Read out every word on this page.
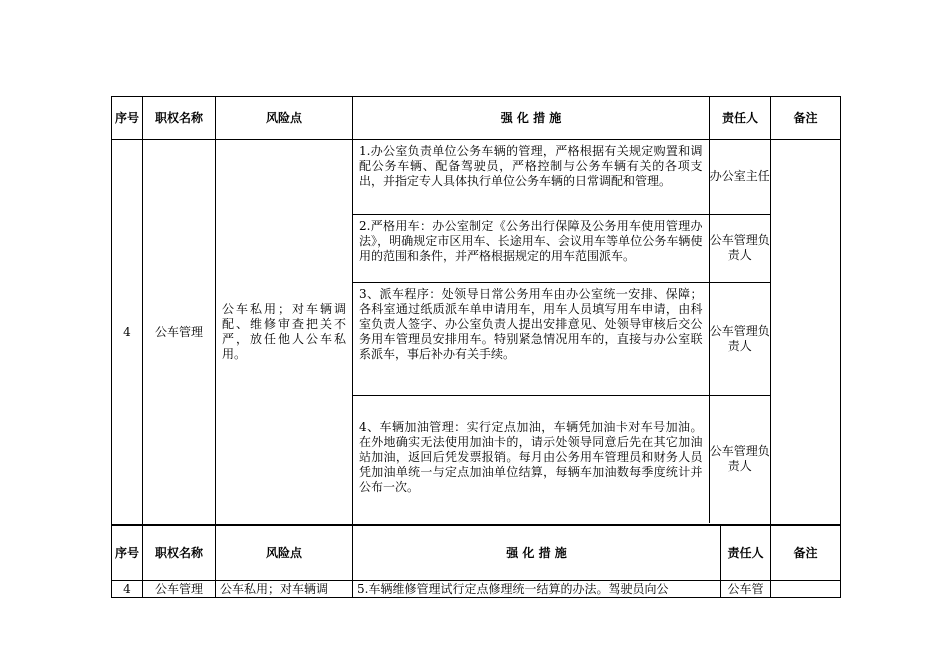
序号	职权名称	风险点	强 化 措 施	责任人	备注
4	公车管理	公车私用；对车辆调配、维修审查把关不严，放任他人公车私用。	
1.办公室负责单位公务车辆的管理，严格根据有关规定购置和调配公务车辆、配备驾驶员，严格控制与公务车辆有关的各项支出，并指定专人具体执行单位公务车辆的日常调配和管理。	办公室主任
2.严格用车：办公室制定《公务出行保障及公务用车使用管理办法》，明确规定市区用车、长途用车、会议用车等单位公务车辆使用的范围和条件，并严格根据规定的用车范围派车。	公车管理负责人
3、派车程序：处领导日常公务用车由办公室统一安排、保障；各科室通过纸质派车单申请用车，用车人员填写用车申请，由科室负责人签字、办公室负责人提出安排意见、处领导审核后交公务用车管理员安排用车。特别紧急情况用车的，直接与办公室联系派车，事后补办有关手续。	公车管理负责人
4、车辆加油管理：实行定点加油，车辆凭加油卡对车号加油。在外地确实无法使用加油卡的，请示处领导同意后先在其它加油站加油，返回后凭发票报销。每月由公务用车管理员和财务人员凭加油单统一与定点加油单位结算，每辆车加油数每季度统计并公布一次。	公车管理负责人

序号	职权名称	风险点	强 化 措 施	责任人	备注
4	公车管理	公车私用；对车辆调	5.车辆维修管理试行定点修理统一结算的办法。驾驶员向公	公车管	
